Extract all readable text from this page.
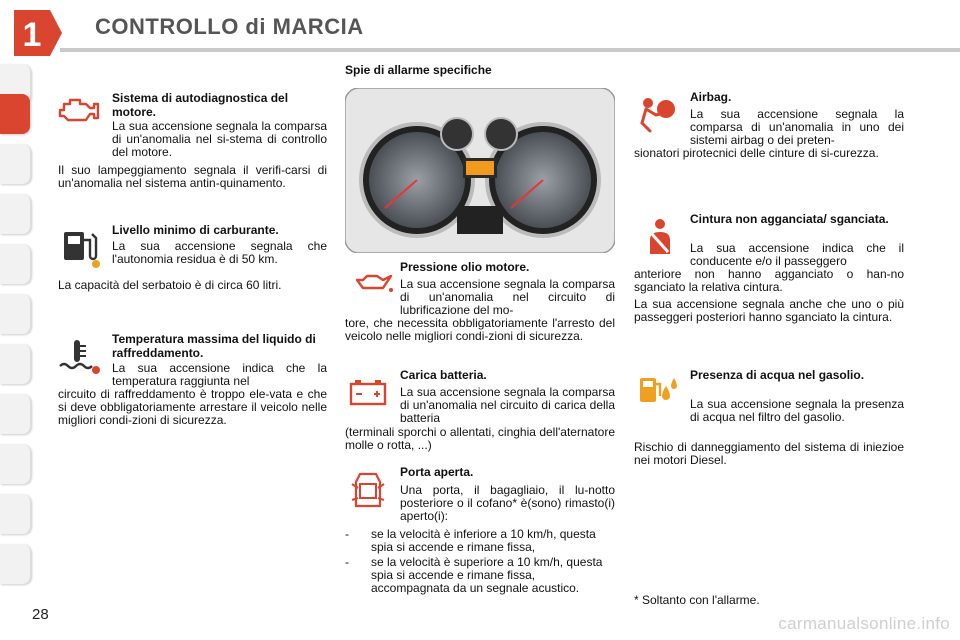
1 CONTROLLO di MARCIA
Spie di allarme specifiche
Sistema di autodiagnostica del motore.
La sua accensione segnala la comparsa di un'anomalia nel si-stema di controllo del motore.
Il suo lampeggiamento segnala il verifi-carsi di un'anomalia nel sistema antin-quinamento.
Livello minimo di carburante.
La sua accensione segnala che l'autonomia residua è di 50 km.
La capacità del serbatoio è di circa 60 litri.
Temperatura massima del liquido di raffreddamento.
La sua accensione indica che la temperatura raggiunta nel
circuito di raffreddamento è troppo ele-vata e che si deve obbligatoriamente arrestare il veicolo nelle migliori condi-zioni di sicurezza.
Pressione olio motore.
La sua accensione segnala la comparsa di un'anomalia nel circuito di lubrificazione del mo-
tore, che necessita obbligatoriamente l'arresto del veicolo nelle migliori condi-zioni di sicurezza.
Carica batteria.
La sua accensione segnala la comparsa di un'anomalia nel circuito di carica della batteria
(terminali sporchi o allentati, cinghia dell'aternatore molle o rotta, ...)
Porta aperta.
Una porta, il bagagliaio, il lu-notto posteriore o il cofano* è(sono) rimasto(i) aperto(i):
- se la velocità è inferiore a 10 km/h, questa spia si accende e rimane fissa,
- se la velocità è superiore a 10 km/h, questa spia si accende e rimane fissa, accompagnata da un segnale acustico.
Airbag.
La sua accensione segnala la comparsa di un'anomalia in uno dei sistemi airbag o dei preten-
sionatori pirotecnici delle cinture di si-curezza.
Cintura non agganciata/ sganciata.
La sua accensione indica che il conducente e/o il passeggero
anteriore non hanno agganciato o han-no sganciato la relativa cintura.
La sua accensione segnala anche che uno o più passeggeri posteriori hanno sganciato la cintura.
Presenza di acqua nel gasolio.
La sua accensione segnala la presenza di acqua nel filtro del gasolio.
Rischio di danneggiamento del sistema di iniezioe nei motori Diesel.
* Soltanto con l'allarme.
28	carmanualsonline.info
